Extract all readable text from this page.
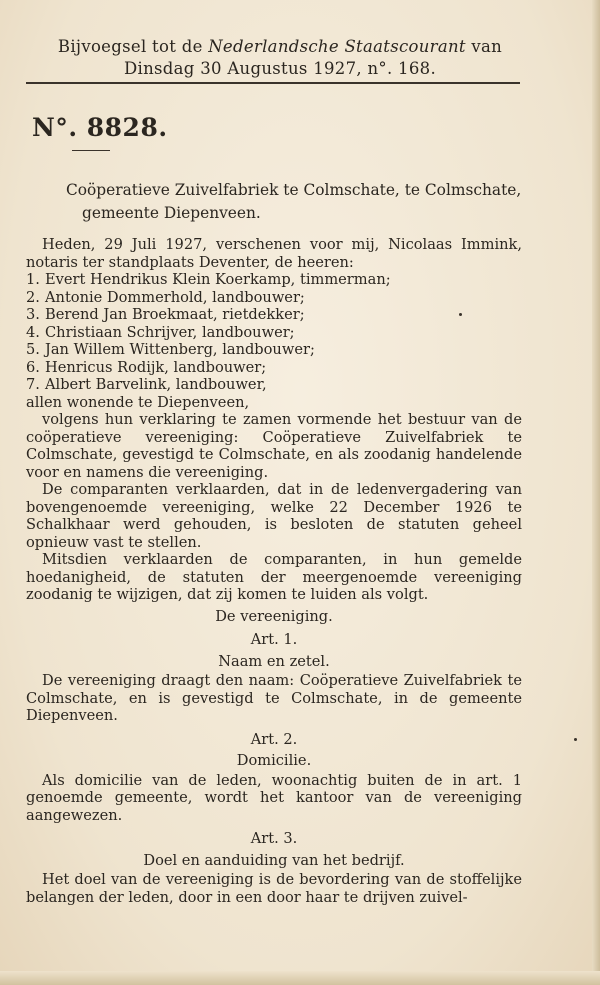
Bijvoegsel tot de Nederlandsche Staatscourant van
Dinsdag 30 Augustus 1927, n°. 168.
N°. 8828.
Coöperatieve Zuivelfabriek te Colmschate, te Colmschate,
gemeente Diepenveen.

Heden, 29 Juli 1927, verschenen voor mij, Nicolaas Immink, notaris ter standplaats Deventer, de heeren:

1. Evert Hendrikus Klein Koerkamp, timmerman;
2. Antonie Dommerhold, landbouwer;
3. Berend Jan Broekmaat, rietdekker;
4. Christiaan Schrijver, landbouwer;
5. Jan Willem Wittenberg, landbouwer;
6. Henricus Rodijk, landbouwer;
7. Albert Barvelink, landbouwer,

allen wonende te Diepenveen,

volgens hun verklaring te zamen vormende het bestuur van de coöperatieve vereeniging: Coöperatieve Zuivelfabriek te Colmschate, gevestigd te Colmschate, en als zoodanig handelende voor en namens die vereeniging.

De comparanten verklaarden, dat in de ledenvergadering van bovengenoemde vereeniging, welke 22 December 1926 te Schalkhaar werd gehouden, is besloten de statuten geheel opnieuw vast te stellen.

Mitsdien verklaarden de comparanten, in hun gemelde hoedanigheid, de statuten der meergenoemde vereeniging zoodanig te wijzigen, dat zij komen te luiden als volgt.

De vereeniging.
Art. 1.
Naam en zetel.

De vereeniging draagt den naam: Coöperatieve Zuivelfabriek te Colmschate, en is gevestigd te Colmschate, in de gemeente Diepenveen.

Art. 2.
Domicilie.

Als domicilie van de leden, woonachtig buiten de in art. 1 genoemde gemeente, wordt het kantoor van de vereeniging aangewezen.

Art. 3.
Doel en aanduiding van het bedrijf.

Het doel van de vereeniging is de bevordering van de stoffelijke belangen der leden, door in een door haar te drijven zuivel-
